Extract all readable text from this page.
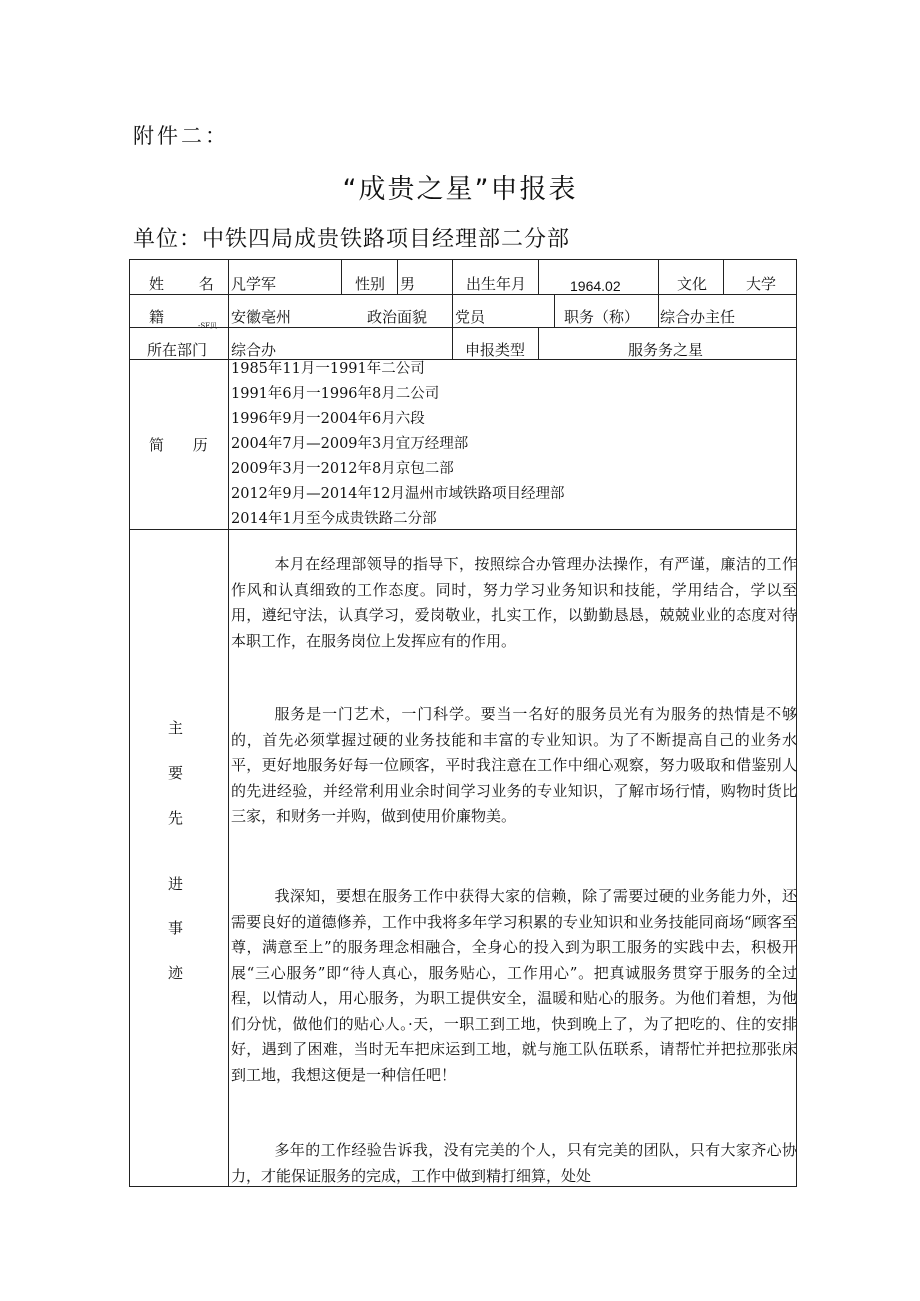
附件二：
“成贵之星”申报表
单位：中铁四局成贵铁路项目经理部二分部
姓 名 凡学军	性别 男	出生年月	1964.02	文化	大学
籍	-SF贝 安徽亳州	政治面貌 党员	职务（称） 综合办主任
所在部门 综合办	申报类型	服务务之星
简 历
1985年11月一1991年二公司
1991年6月一1996年8月二公司
1996年9月一2004年6月六段
2004年7月—2009年3月宜万经理部
2009年3月一2012年8月京包二部
2012年9月—2014年12月温州市域铁路项目经理部
2014年1月至今成贵铁路二分部
主
要
先
进
事
迹

本月在经理部领导的指导下，按照综合办管理办法操作，有严谨，廉洁的工作作风和认真细致的工作态度。同时，努力学习业务知识和技能，学用结合，学以至用，遵纪守法，认真学习，爱岗敬业，扎实工作，以勤勤恳恳，兢兢业业的态度对待本职工作，在服务岗位上发挥应有的作用。

服务是一门艺术，一门科学。要当一名好的服务员光有为服务的热情是不够的，首先必须掌握过硬的业务技能和丰富的专业知识。为了不断提高自己的业务水平，更好地服务好每一位顾客，平时我注意在工作中细心观察，努力吸取和借鉴别人的先进经验，并经常利用业余时间学习业务的专业知识，了解市场行情，购物时货比三家，和财务一并购，做到使用价廉物美。

我深知，要想在服务工作中获得大家的信赖，除了需要过硬的业务能力外，还需要良好的道德修养，工作中我将多年学习积累的专业知识和业务技能同商场“顾客至尊，满意至上”的服务理念相融合，全身心的投入到为职工服务的实践中去，积极开展“三心服务”即“待人真心，服务贴心，工作用心”。把真诚服务贯穿于服务的全过程，以情动人，用心服务，为职工提供安全，温暖和贴心的服务。为他们着想，为他们分忧，做他们的贴心人。·天，一职工到工地，快到晚上了，为了把吃的、住的安排好，遇到了困难，当时无车把床运到工地，就与施工队伍联系，请帮忙并把拉那张床到工地，我想这便是一种信任吧！

多年的工作经验告诉我，没有完美的个人，只有完美的团队，只有大家齐心协力，才能保证服务的完成，工作中做到精打细算，处处
